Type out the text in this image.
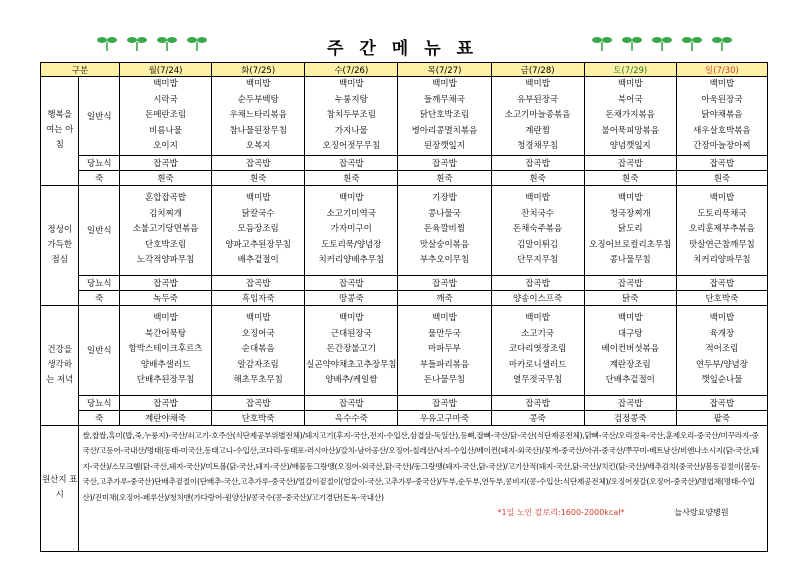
주간메뉴표
구분		월(7/24)	화(7/25)	수(7/26)	목(7/27)	금(7/28)	토(7/29)	일(7/30)
행복을 여는 아침	일반식	백미밥
시락국
돈메란조림
비름나물
오이지	백미밥
순두부백탕
우채느타리볶음
참나물된장무침
오복지	백미밥
누룽지탕
참치두부조림
가지나물
오징어젓무무침	백미밥
들깨무채국
닭단호박조림
병아리콩멸치볶음
된장깻잎지	백미밥
유부된장국
소고기마늘종볶음
계란찜
청경채무침	백미밥
북어국
돈채가지볶음
불어묵피망볶음
양념깻잎지	백미밥
아욱된장국
닭야채볶음
새우살호박볶음
간장마늘장아찌

	당뇨식	잡곡밥	잡곡밥	잡곡밥	잡곡밥	잡곡밥	잡곡밥	잡곡밥
	죽	흰죽	흰죽	흰죽	흰죽	흰죽	흰죽	흰죽
정성이 가득한 점심	일반식	혼합잡곡밥
김치찌개
소불고기당면볶음
단호박조림
노각적양파무침	백미밥
닭칼국수
모듬장조림
양파고추된장무침
배추겉절이	백미밥
소고기미역국
가자미구이
도토리묵/양념장
치커리양배추무침	기장밥
콩나물국
돈육깔비찜
맛살숭이볶음
부추오이무침	백미밥
잔치국수
돈채숙주볶음
김말이튀김
단무지무침	백미밥
청국장찌개
닭도리
오징어브로컬리초무침
콩나물무침	백미밥
도토리묵채국
오리훈제부추볶음
맛살연근참깨무침
치커리양파무침

	당뇨식	잡곡밥	잡곡밥	잡곡밥	잡곡밥	잡곡밥	잡곡밥	잡곡밥
	죽	녹두죽	흑임자죽	땅콩죽	깨죽	양송이스프죽	닭죽	단호박죽
건강을 생각하는 저녁	일반식	백미밥
북간어묵탕
함박스테이크후르츠
양배추샐러드
단배추된장무침	백미밥
오징어국
순대볶음
알감자조림
해초무초무침	백미밥
근대된장국
돈간장불고기
실곤약야채초고추장무침
양배추/케일쌈	백미밥
물만두국
마파두부
부들파리볶음
돈나물무침	백미밥
소고기국
코다리엿장조림
마카로니샐러드
열무젓국무침	백미밥
대구탕
베이컨버섯볶음
계란장조림
단배추겉절이	백미밥
육개장
적어조림
연두부/양념장
깻잎순나물

	당뇨식	잡곡밥	잡곡밥	잡곡밥	잡곡밥	잡곡밥	잡곡밥	잡곡밥
	죽	계란야채죽	단호박죽	옥수수죽	우유고구마죽	콩죽	검정콩죽	팥죽
원산지 표시	쌀,찹쌀,흑미(밥,죽,누룽지)-국산/쇠고기-호주산(식단제공부위별전체)/돼지고기(후지-국산,전지-수입산,삼겹살-독일산),등뼈,잡뼈-국산/닭-국산(식단제공전체),닭뼈-국산/오리정육-국산,훈제오리-중국산/미꾸라지-중국산/고등어-국내산/명태(동태-미국산,동태고니-수입산,코다리-동태포-러시아산)/갈치-남아공산/오징어-칠레산/낙지-수입산/베이컨(돼지-외국산)/꽃게-중국산/아귀-중국산/쭈꾸미-베트남산/비엔나소시지(닭-국산,돼지-국산)/스모크햄(닭-국산,돼지-국산)/미트볼(닭-국산,돼지-국산)/배물동그랑땡(오징어-외국산,닭-국산)/동그랑땡(돼지-국산,닭-국산)/고기산적(돼지-국산,닭-국산)/치킨(닭-국산)/배추김치(중국산)/봄동겉절이(봄동-국산,고추가루-중국산)단배추겉절이(단배추-국산,고추가루-중국산)/얼갈이겉절이(얼갈이-국산,고추가루-중국산)/두부,순두부,연두부,콩비지(콩-수입산:식단제공전체)/오징어젓갈(오징어-중국산)/명엽채(명태-수입산)/진미채(오징어-페루산)/청치맨(가다랑어-원양산)/콩국수(콩-중국산)/고기경단(돈육-국내산)
*1일 노인 칼로리:1600-2000kcal* 늘사랑요양병원							
